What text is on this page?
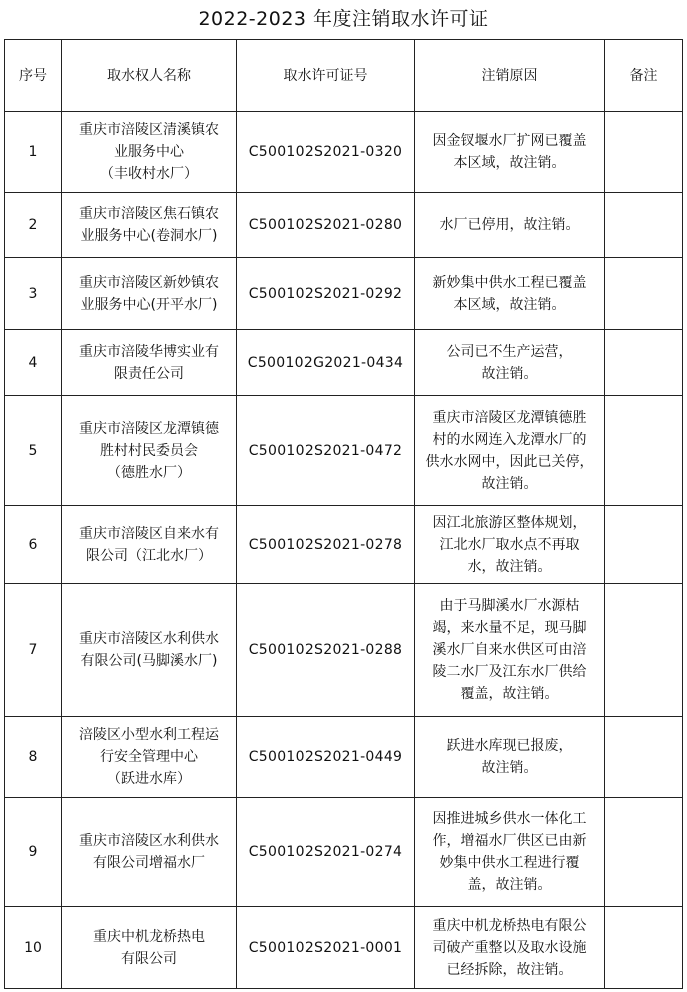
2022-2023 年度注销取水许可证
序号	取水权人名称	取水许可证号	注销原因	备注
1	重庆市涪陵区清溪镇农
业服务中心
（丰收村水厂）	C500102S2021-0320	因金钗堰水厂扩网已覆盖
本区域，故注销。	
2	重庆市涪陵区焦石镇农
业服务中心(卷洞水厂)	C500102S2021-0280	水厂已停用，故注销。	
3	重庆市涪陵区新妙镇农
业服务中心(开平水厂)	C500102S2021-0292	新妙集中供水工程已覆盖
本区域，故注销。	
4	重庆市涪陵华博实业有
限责任公司	C500102G2021-0434	公司已不生产运营，
故注销。	
5	重庆市涪陵区龙潭镇德
胜村村民委员会
（德胜水厂）	C500102S2021-0472	重庆市涪陵区龙潭镇德胜
村的水网连入龙潭水厂的
供水水网中，因此已关停，
故注销。	
6	重庆市涪陵区自来水有
限公司（江北水厂）	C500102S2021-0278	因江北旅游区整体规划，
江北水厂取水点不再取
水，故注销。	
7	重庆市涪陵区水利供水
有限公司(马脚溪水厂)	C500102S2021-0288	由于马脚溪水厂水源枯
竭，来水量不足，现马脚
溪水厂自来水供区可由涪
陵二水厂及江东水厂供给
覆盖，故注销。	
8	涪陵区小型水利工程运
行安全管理中心
（跃进水库）	C500102S2021-0449	跃进水库现已报废，
故注销。	
9	重庆市涪陵区水利供水
有限公司增福水厂	C500102S2021-0274	因推进城乡供水一体化工
作，增福水厂供区已由新
妙集中供水工程进行覆
盖，故注销。	
10	重庆中机龙桥热电
有限公司	C500102S2021-0001	重庆中机龙桥热电有限公
司破产重整以及取水设施
已经拆除，故注销。	
